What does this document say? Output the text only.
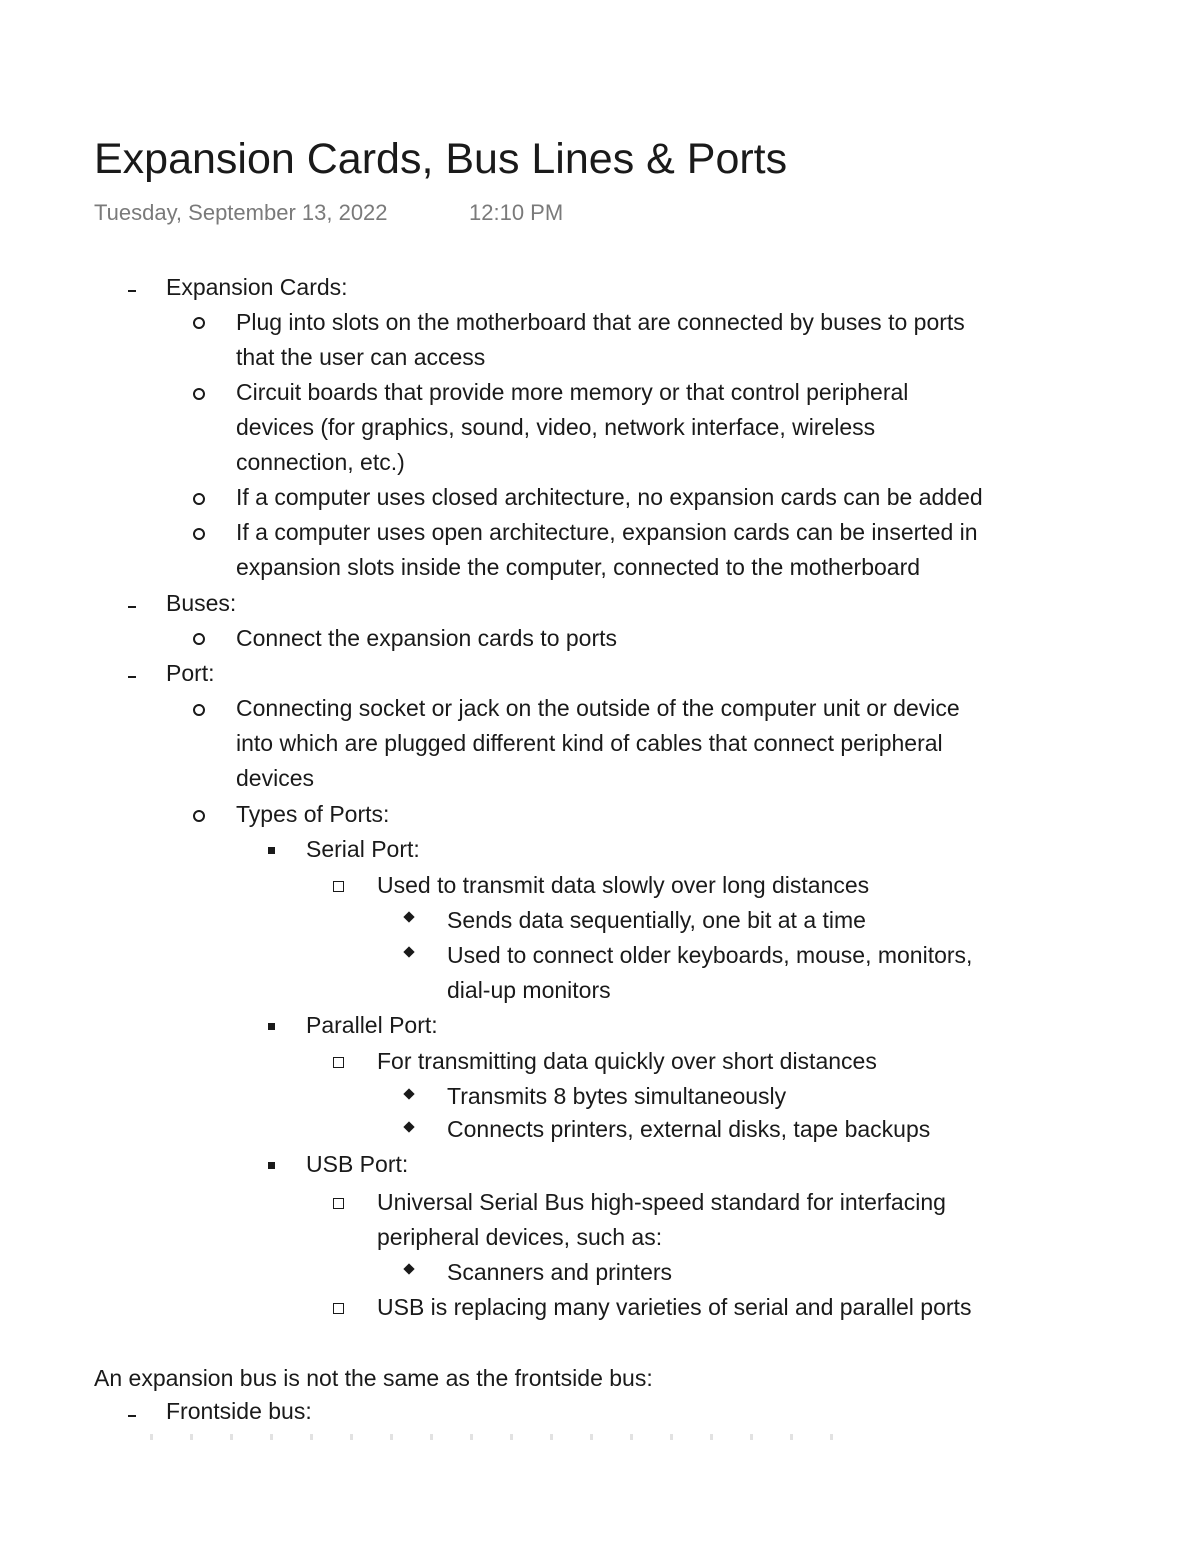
Expansion Cards, Bus Lines & Ports
Tuesday, September 13, 2022	12:10 PM
Expansion Cards:
Plug into slots on the motherboard that are connected by buses to ports
that the user can access
Circuit boards that provide more memory or that control peripheral
devices (for graphics, sound, video, network interface, wireless
connection, etc.)
If a computer uses closed architecture, no expansion cards can be added
If a computer uses open architecture, expansion cards can be inserted in
expansion slots inside the computer, connected to the motherboard
Buses:
Connect the expansion cards to ports
Port:
Connecting socket or jack on the outside of the computer unit or device
into which are plugged different kind of cables that connect peripheral
devices
Types of Ports:
Serial Port:
Used to transmit data slowly over long distances
Sends data sequentially, one bit at a time
Used to connect older keyboards, mouse, monitors,
dial-up monitors
Parallel Port:
For transmitting data quickly over short distances
Transmits 8 bytes simultaneously
Connects printers, external disks, tape backups
USB Port:
Universal Serial Bus high-speed standard for interfacing
peripheral devices, such as:
Scanners and printers
USB is replacing many varieties of serial and parallel ports
An expansion bus is not the same as the frontside bus:
Frontside bus:
